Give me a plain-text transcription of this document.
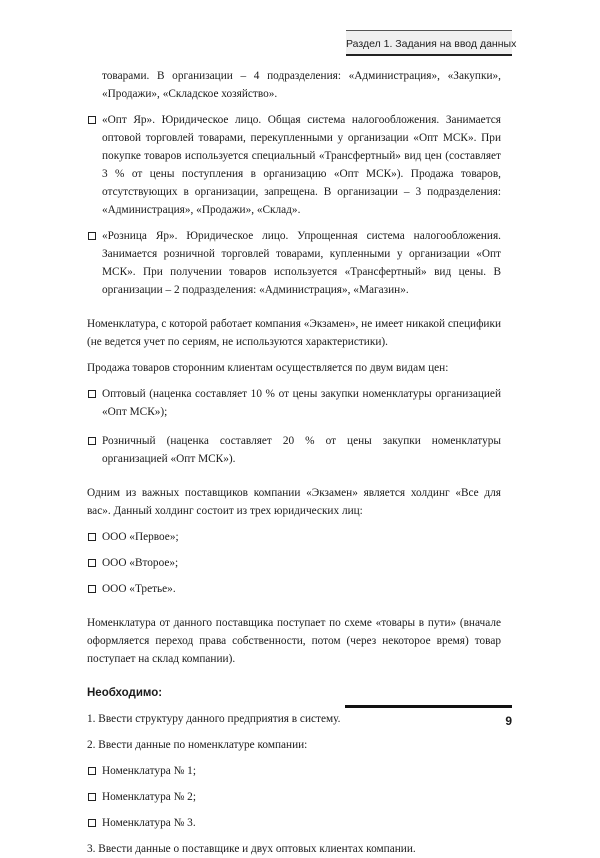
Раздел 1. Задания на ввод данных

товарами. В организации – 4 подразделения: «Администрация», «Закупки»,

«Продажи», «Складское хозяйство».

«Опт Яр». Юридическое лицо. Общая система налогообложения. Занимается оптовой торговлей товарами, перекупленными у организации «Опт МСК». При покупке товаров используется специальный «Трансфертный» вид цен (составляет 3 % от цены поступления в организацию «Опт МСК»). Продажа товаров, отсутствующих в организации, запрещена. В организации – 3 подразделения: «Администрация», «Продажи», «Склад».

«Розница Яр». Юридическое лицо. Упрощенная система налогообложения. Занимается розничной торговлей товарами, купленными у организации «Опт МСК». При получении товаров используется «Трансфертный» вид цены. В организации – 2 подразделения: «Администрация», «Магазин».

Номенклатура, с которой работает компания «Экзамен», не имеет никакой специфики (не ведется учет по сериям, не используются характеристики).

Продажа товаров сторонним клиентам осуществляется по двум видам цен:

Оптовый (наценка составляет 10 % от цены закупки номенклатуры организацией «Опт МСК»);

Розничный (наценка составляет 20 % от цены закупки номенклатуры организацией «Опт МСК»).

Одним из важных поставщиков компании «Экзамен» является холдинг «Все для вас». Данный холдинг состоит из трех юридических лиц:

ООО «Первое»;

ООО «Второе»;

ООО «Третье».

Номенклатура от данного поставщика поступает по схеме «товары в пути» (вначале оформляется переход права собственности, потом (через некоторое время) товар поступает на склад компании).

Необходимо:

1. Ввести структуру данного предприятия в систему.

2. Ввести данные по номенклатуре компании:

Номенклатура № 1;

Номенклатура № 2;

Номенклатура № 3.

3. Ввести данные о поставщике и двух оптовых клиентах компании.

9
